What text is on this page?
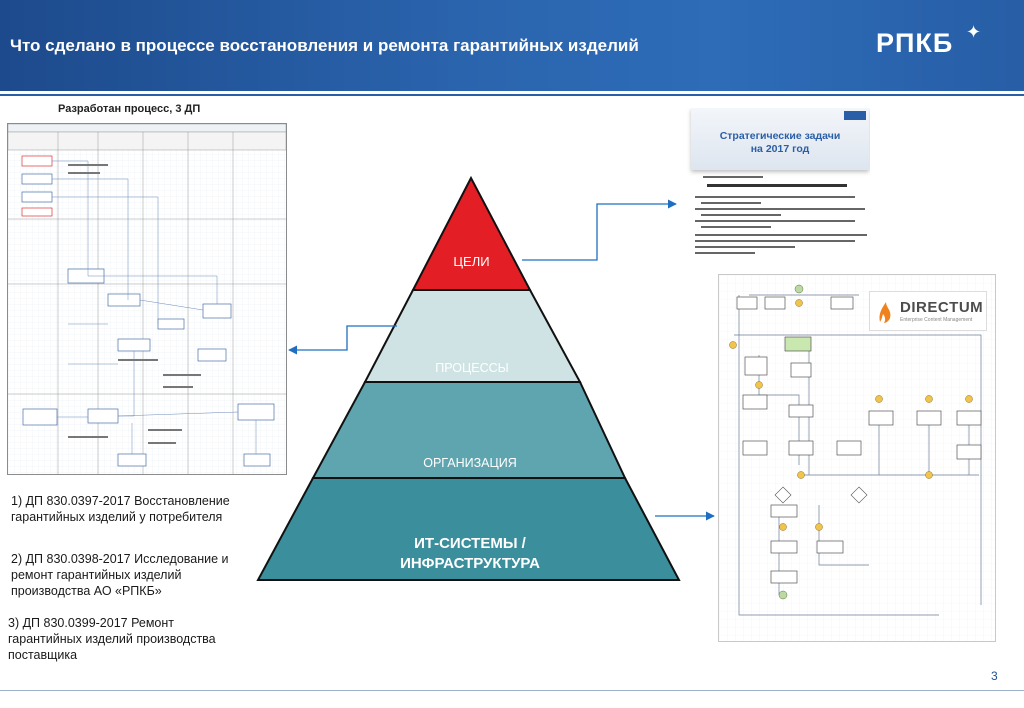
Что сделано в процессе восстановления и ремонта гарантийных изделий	РПКБ ✦
Разработан процесс, 3 ДП
Стратегические задачи
на 2017 год
DIRECTUM
Enterprise Content Management
ЦЕЛИ
ПРОЦЕССЫ
ОРГАНИЗАЦИЯ
ИТ-СИСТЕМЫ /
ИНФРАСТРУКТУРА
1) ДП 830.0397-2017 Восстановление
гарантийных изделий у потребителя
2) ДП 830.0398-2017 Исследование и
ремонт гарантийных изделий
производства АО «РПКБ»
3) ДП 830.0399-2017 Ремонт
гарантийных изделий производства
поставщика
3
